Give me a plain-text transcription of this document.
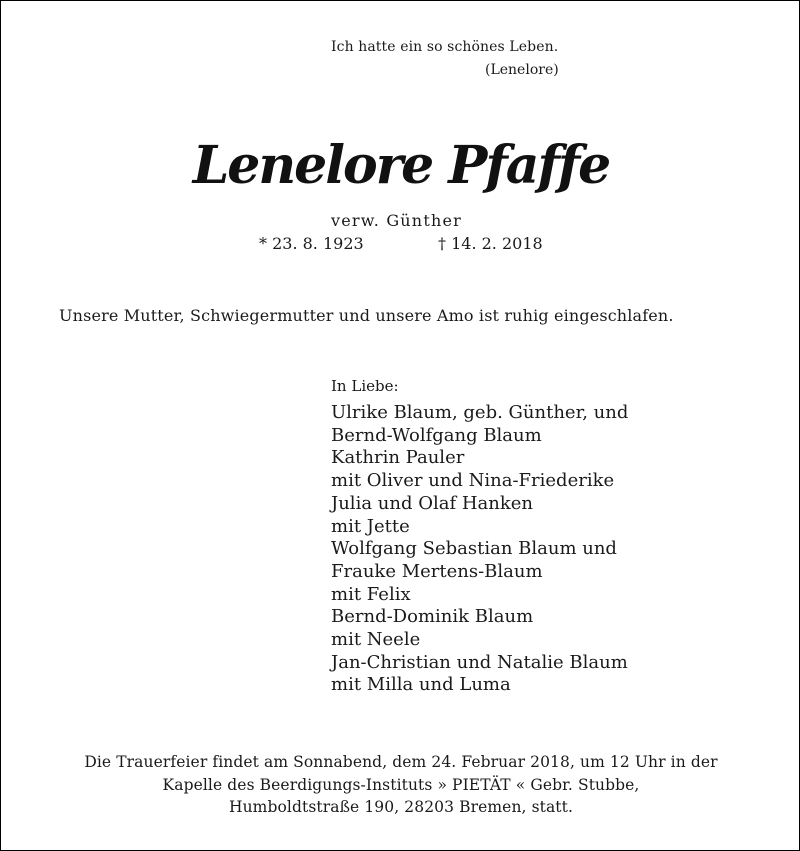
Ich hatte ein so schönes Leben.
(Lenelore)
Lenelore Pfaffe
verw. Günther
* 23. 8. 1923	† 14. 2. 2018
Unsere Mutter, Schwiegermutter und unsere Amo ist ruhig eingeschlafen.
In Liebe:
Ulrike Blaum, geb. Günther, und
Bernd-Wolfgang Blaum
Kathrin Pauler
mit Oliver und Nina-Friederike
Julia und Olaf Hanken
mit Jette
Wolfgang Sebastian Blaum und
Frauke Mertens-Blaum
mit Felix
Bernd-Dominik Blaum
mit Neele
Jan-Christian und Natalie Blaum
mit Milla und Luma
Die Trauerfeier findet am Sonnabend, dem 24. Februar 2018, um 12 Uhr in der
Kapelle des Beerdigungs-Instituts » PIETÄT « Gebr. Stubbe,
Humboldtstraße 190, 28203 Bremen, statt.
